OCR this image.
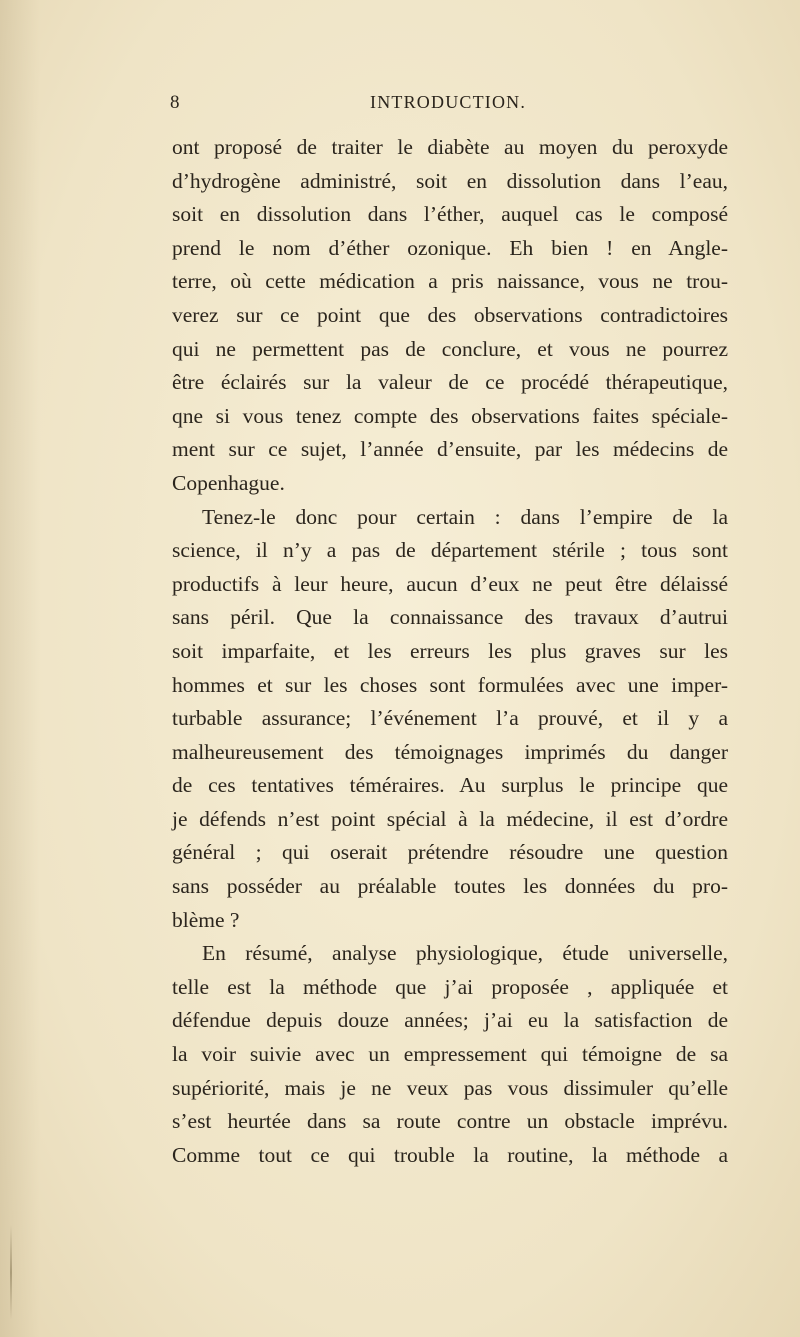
8	INTRODUCTION.
ont proposé de traiter le diabète au moyen du peroxyde
d’hydrogène administré, soit en dissolution dans l’eau,
soit en dissolution dans l’éther, auquel cas le composé
prend le nom d’éther ozonique. Eh bien ! en Angle-
terre, où cette médication a pris naissance, vous ne trou-
verez sur ce point que des observations contradictoires
qui ne permettent pas de conclure, et vous ne pourrez
être éclairés sur la valeur de ce procédé thérapeutique,
qne si vous tenez compte des observations faites spéciale-
ment sur ce sujet, l’année d’ensuite, par les médecins de
Copenhague.
Tenez-le donc pour certain : dans l’empire de la
science, il n’y a pas de département stérile ; tous sont
productifs à leur heure, aucun d’eux ne peut être délaissé
sans péril. Que la connaissance des travaux d’autrui
soit imparfaite, et les erreurs les plus graves sur les
hommes et sur les choses sont formulées avec une imper-
turbable assurance; l’événement l’a prouvé, et il y a
malheureusement des témoignages imprimés du danger
de ces tentatives téméraires. Au surplus le principe que
je défends n’est point spécial à la médecine, il est d’ordre
général ; qui oserait prétendre résoudre une question
sans posséder au préalable toutes les données du pro-
blème ?
En résumé, analyse physiologique, étude universelle,
telle est la méthode que j’ai proposée , appliquée et
défendue depuis douze années; j’ai eu la satisfaction de
la voir suivie avec un empressement qui témoigne de sa
supériorité, mais je ne veux pas vous dissimuler qu’elle
s’est heurtée dans sa route contre un obstacle imprévu.
Comme tout ce qui trouble la routine, la méthode a
